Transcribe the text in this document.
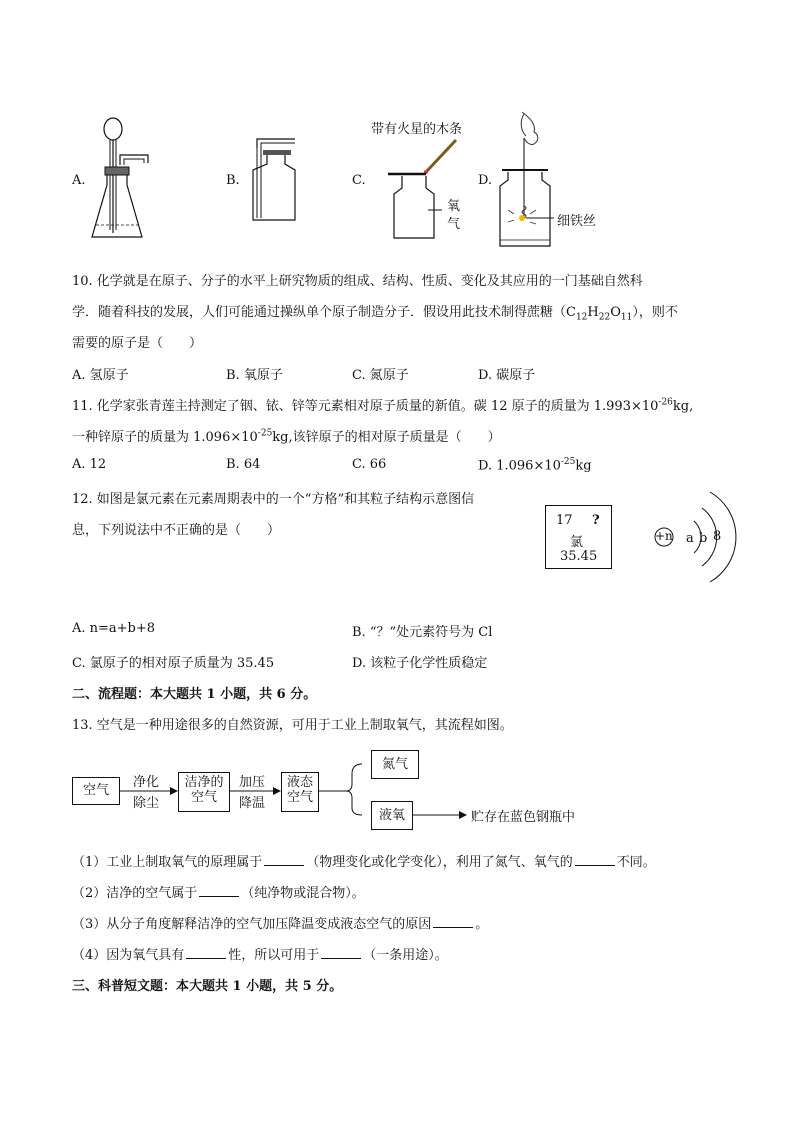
A.	B.
带有火星的木条
C.
氧
气
D.
细铁丝
10. 化学就是在原子、分子的水平上研究物质的组成、结构、性质、变化及其应用的一门基础自然科
学．随着科技的发展，人们可能通过操纵单个原子制造分子．假设用此技术制得蔗糖$(C_{12}H_{22}O_{11})$，则不
需要的原子是（　　）
A. 氢原子	B. 氧原子	C. 氮原子	D. 碳原子
11. 化学家张青莲主持测定了铟、铱、锌等元素相对原子质量的新值。碳 12 原子的质量为 $1.993\times 10^{-26}kg$,
一种锌原子的质量为 $1.096\times 10^{-25}kg$,该锌原子的相对原子质量是（　　）
A. 12	B. 64	C. 66	D. $1.096\times 10^{-25}kg$
12. 如图是氯元素在元素周期表中的一个“方格”和其粒子结构示意图信
息，下列说法中不正确的是（　　）
17 ?
氯
35.45
+n a b 8
A. n=a+b+8	B. “？”处元素符号为 Cl
C. 氯原子的相对原子质量为 35.45	D. 该粒子化学性质稳定
二、流程题：本大题共 1 小题，共 6 分。
13. 空气是一种用途很多的自然资源，可用于工业上制取氧气，其流程如图。
空气
净化
除尘
洁净的
空气
加压
降温
液态
空气
氮气
液氧	贮存在蓝色钢瓶中
（1）工业上制取氧气的原理属于	（物理变化或化学变化），利用了氮气、氧气的	不同。
（2）洁净的空气属于	（纯净物或混合物）。
（3）从分子角度解释洁净的空气加压降温变成液态空气的原因	。
（4）因为氧气具有	性，所以可用于	（一条用途）。
三、科普短文题：本大题共 1 小题，共 5 分。
